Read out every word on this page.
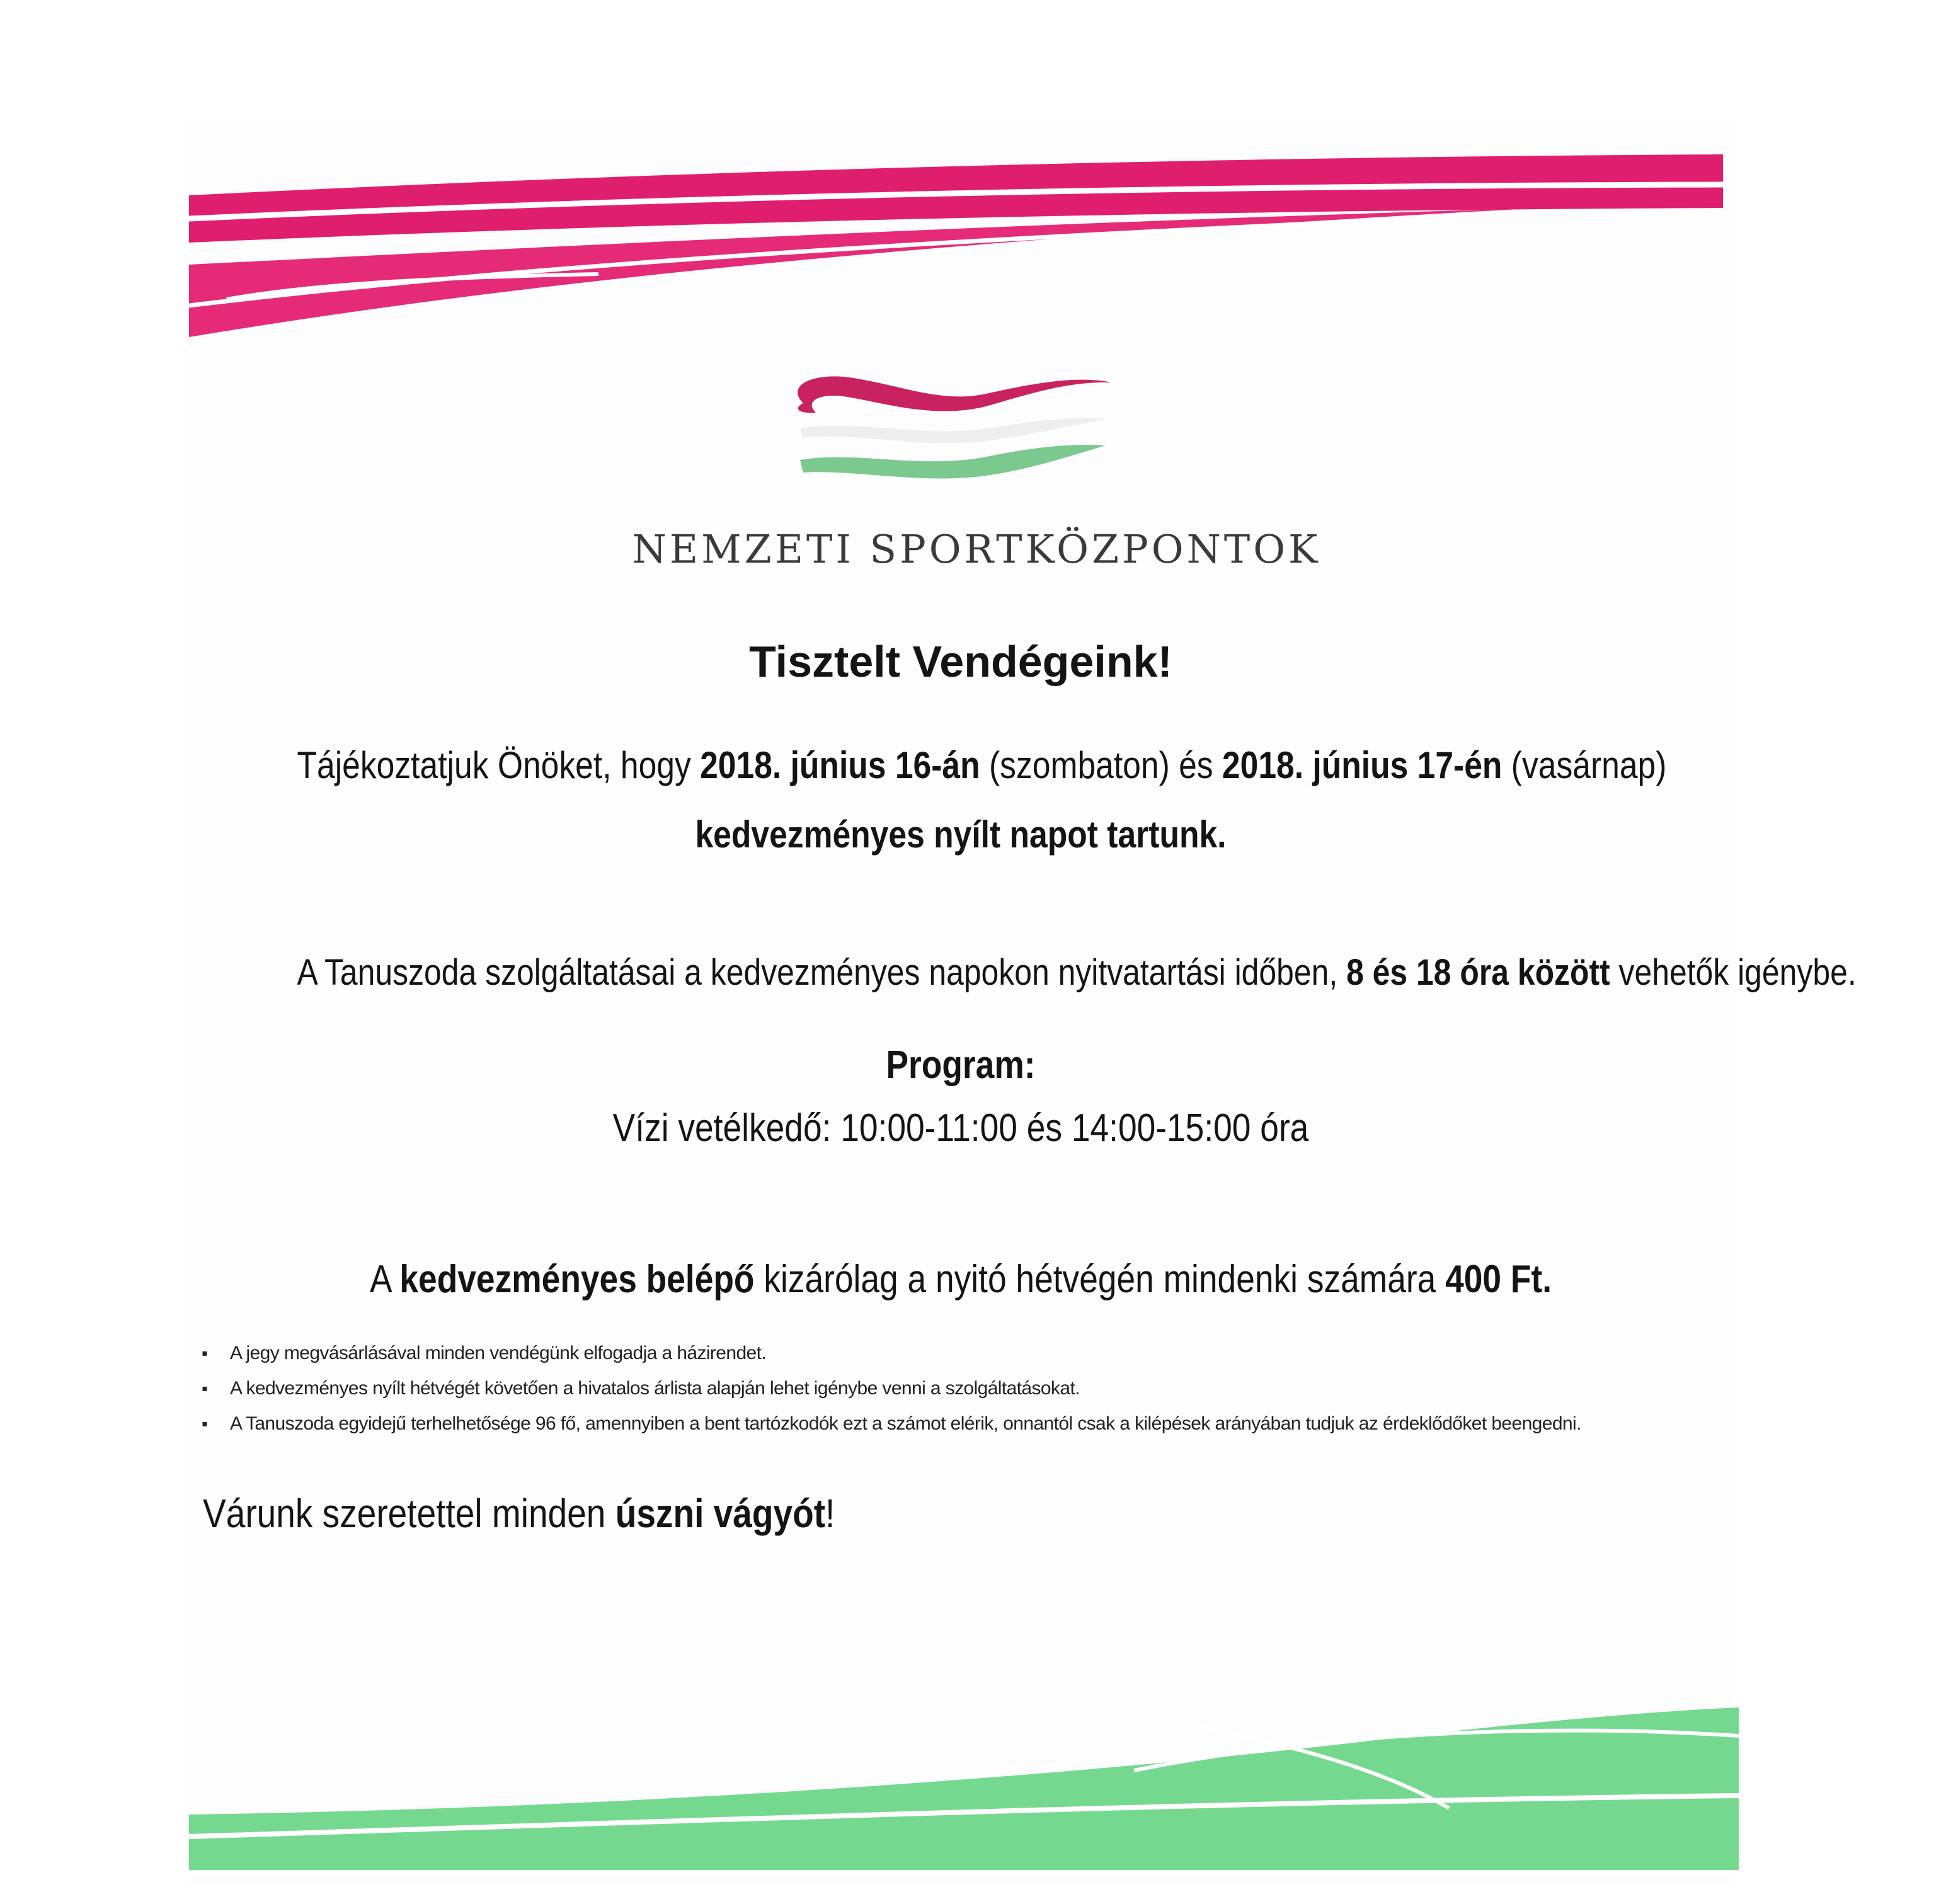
NEMZETI SPORTKÖZPONTOK
Tisztelt Vendégeink!
Tájékoztatjuk Önöket, hogy 2018. június 16-án (szombaton) és 2018. június 17-én (vasárnap)
kedvezményes nyílt napot tartunk.
A Tanuszoda szolgáltatásai a kedvezményes napokon nyitvatartási időben, 8 és 18 óra között vehetők igénybe.
Program:
Vízi vetélkedő: 10:00-11:00 és 14:00-15:00 óra
A kedvezményes belépő kizárólag a nyitó hétvégén mindenki számára 400 Ft.
▪ A jegy megvásárlásával minden vendégünk elfogadja a házirendet.
▪ A kedvezményes nyílt hétvégét követően a hivatalos árlista alapján lehet igénybe venni a szolgáltatásokat.
▪ A Tanuszoda egyidejű terhelhetősége 96 fő, amennyiben a bent tartózkodók ezt a számot elérik, onnantól csak a kilépések arányában tudjuk az érdeklődőket beengedni.
Várunk szeretettel minden úszni vágyót!
